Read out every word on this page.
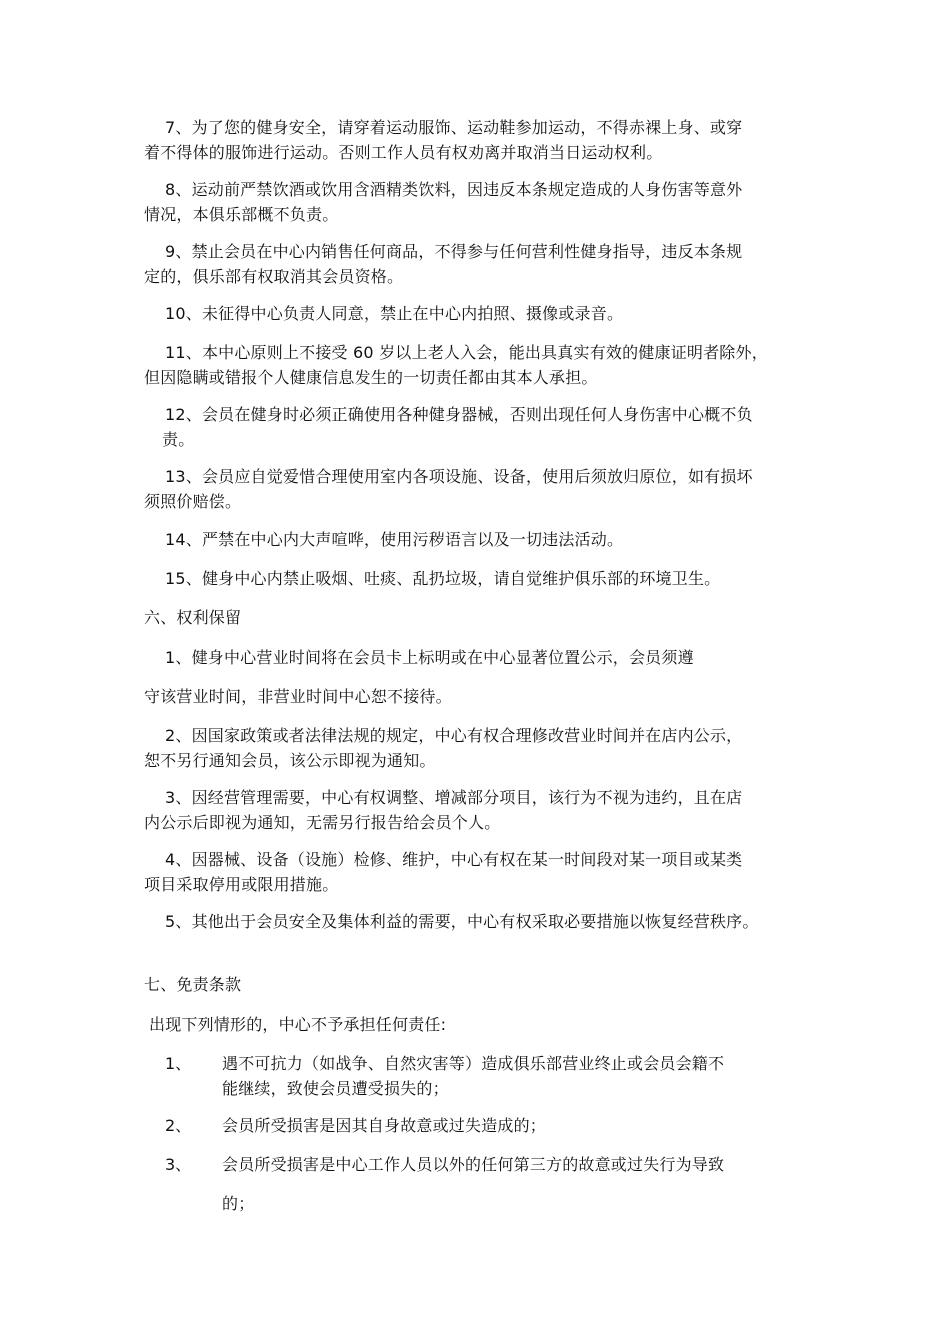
7、为了您的健身安全，请穿着运动服饰、运动鞋参加运动，不得赤裸上身、或穿
着不得体的服饰进行运动。否则工作人员有权劝离并取消当日运动权利。
8、运动前严禁饮酒或饮用含酒精类饮料，因违反本条规定造成的人身伤害等意外
情况，本俱乐部概不负责。
9、禁止会员在中心内销售任何商品，不得参与任何营利性健身指导，违反本条规
定的，俱乐部有权取消其会员资格。
10、未征得中心负责人同意，禁止在中心内拍照、摄像或录音。
11、本中心原则上不接受 60 岁以上老人入会，能出具真实有效的健康证明者除外，
但因隐瞒或错报个人健康信息发生的一切责任都由其本人承担。
12、会员在健身时必须正确使用各种健身器械，否则出现任何人身伤害中心概不负
责。
13、会员应自觉爱惜合理使用室内各项设施、设备，使用后须放归原位，如有损坏
须照价赔偿。
14、严禁在中心内大声喧哗，使用污秽语言以及一切违法活动。
15、健身中心内禁止吸烟、吐痰、乱扔垃圾，请自觉维护俱乐部的环境卫生。
六、权利保留
1、健身中心营业时间将在会员卡上标明或在中心显著位置公示，会员须遵
守该营业时间，非营业时间中心恕不接待。
2、因国家政策或者法律法规的规定，中心有权合理修改营业时间并在店内公示，
恕不另行通知会员，该公示即视为通知。
3、因经营管理需要，中心有权调整、增减部分项目，该行为不视为违约，且在店
内公示后即视为通知，无需另行报告给会员个人。
4、因器械、设备（设施）检修、维护，中心有权在某一时间段对某一项目或某类
项目采取停用或限用措施。
5、其他出于会员安全及集体利益的需要，中心有权采取必要措施以恢复经营秩序。
七、免责条款
出现下列情形的，中心不予承担任何责任:
1、 遇不可抗力（如战争、自然灾害等）造成俱乐部营业终止或会员会籍不
能继续，致使会员遭受损失的；
2、 会员所受损害是因其自身故意或过失造成的；
3、 会员所受损害是中心工作人员以外的任何第三方的故意或过失行为导致
的；
